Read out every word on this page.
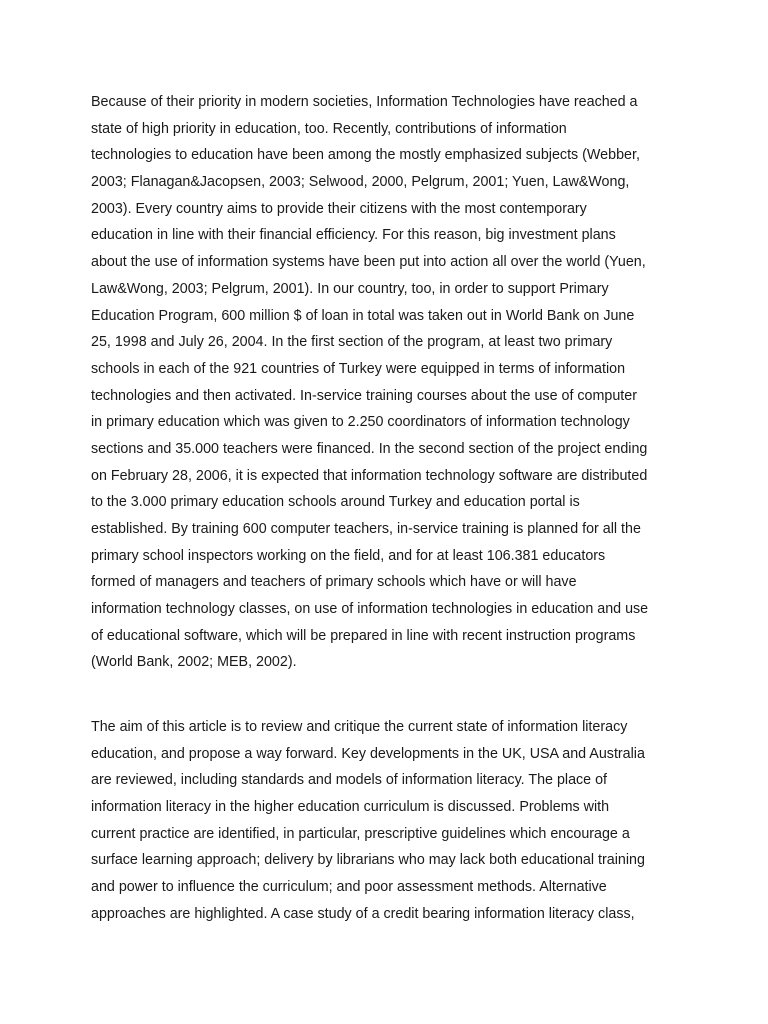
Because of their priority in modern societies, Information Technologies have reached a
state of high priority in education, too. Recently, contributions of information
technologies to education have been among the mostly emphasized subjects (Webber,
2003; Flanagan&Jacopsen, 2003; Selwood, 2000, Pelgrum, 2001; Yuen, Law&Wong,
2003). Every country aims to provide their citizens with the most contemporary
education in line with their financial efficiency. For this reason, big investment plans
about the use of information systems have been put into action all over the world (Yuen,
Law&Wong, 2003; Pelgrum, 2001). In our country, too, in order to support Primary
Education Program, 600 million $ of loan in total was taken out in World Bank on June
25, 1998 and July 26, 2004. In the first section of the program, at least two primary
schools in each of the 921 countries of Turkey were equipped in terms of information
technologies and then activated. In-service training courses about the use of computer
in primary education which was given to 2.250 coordinators of information technology
sections and 35.000 teachers were financed. In the second section of the project ending
on February 28, 2006, it is expected that information technology software are distributed
to the 3.000 primary education schools around Turkey and education portal is
established. By training 600 computer teachers, in-service training is planned for all the
primary school inspectors working on the field, and for at least 106.381 educators
formed of managers and teachers of primary schools which have or will have
information technology classes, on use of information technologies in education and use
of educational software, which will be prepared in line with recent instruction programs
(World Bank, 2002; MEB, 2002).
The aim of this article is to review and critique the current state of information literacy
education, and propose a way forward. Key developments in the UK, USA and Australia
are reviewed, including standards and models of information literacy. The place of
information literacy in the higher education curriculum is discussed. Problems with
current practice are identified, in particular, prescriptive guidelines which encourage a
surface learning approach; delivery by librarians who may lack both educational training
and power to influence the curriculum; and poor assessment methods. Alternative
approaches are highlighted. A case study of a credit bearing information literacy class,
